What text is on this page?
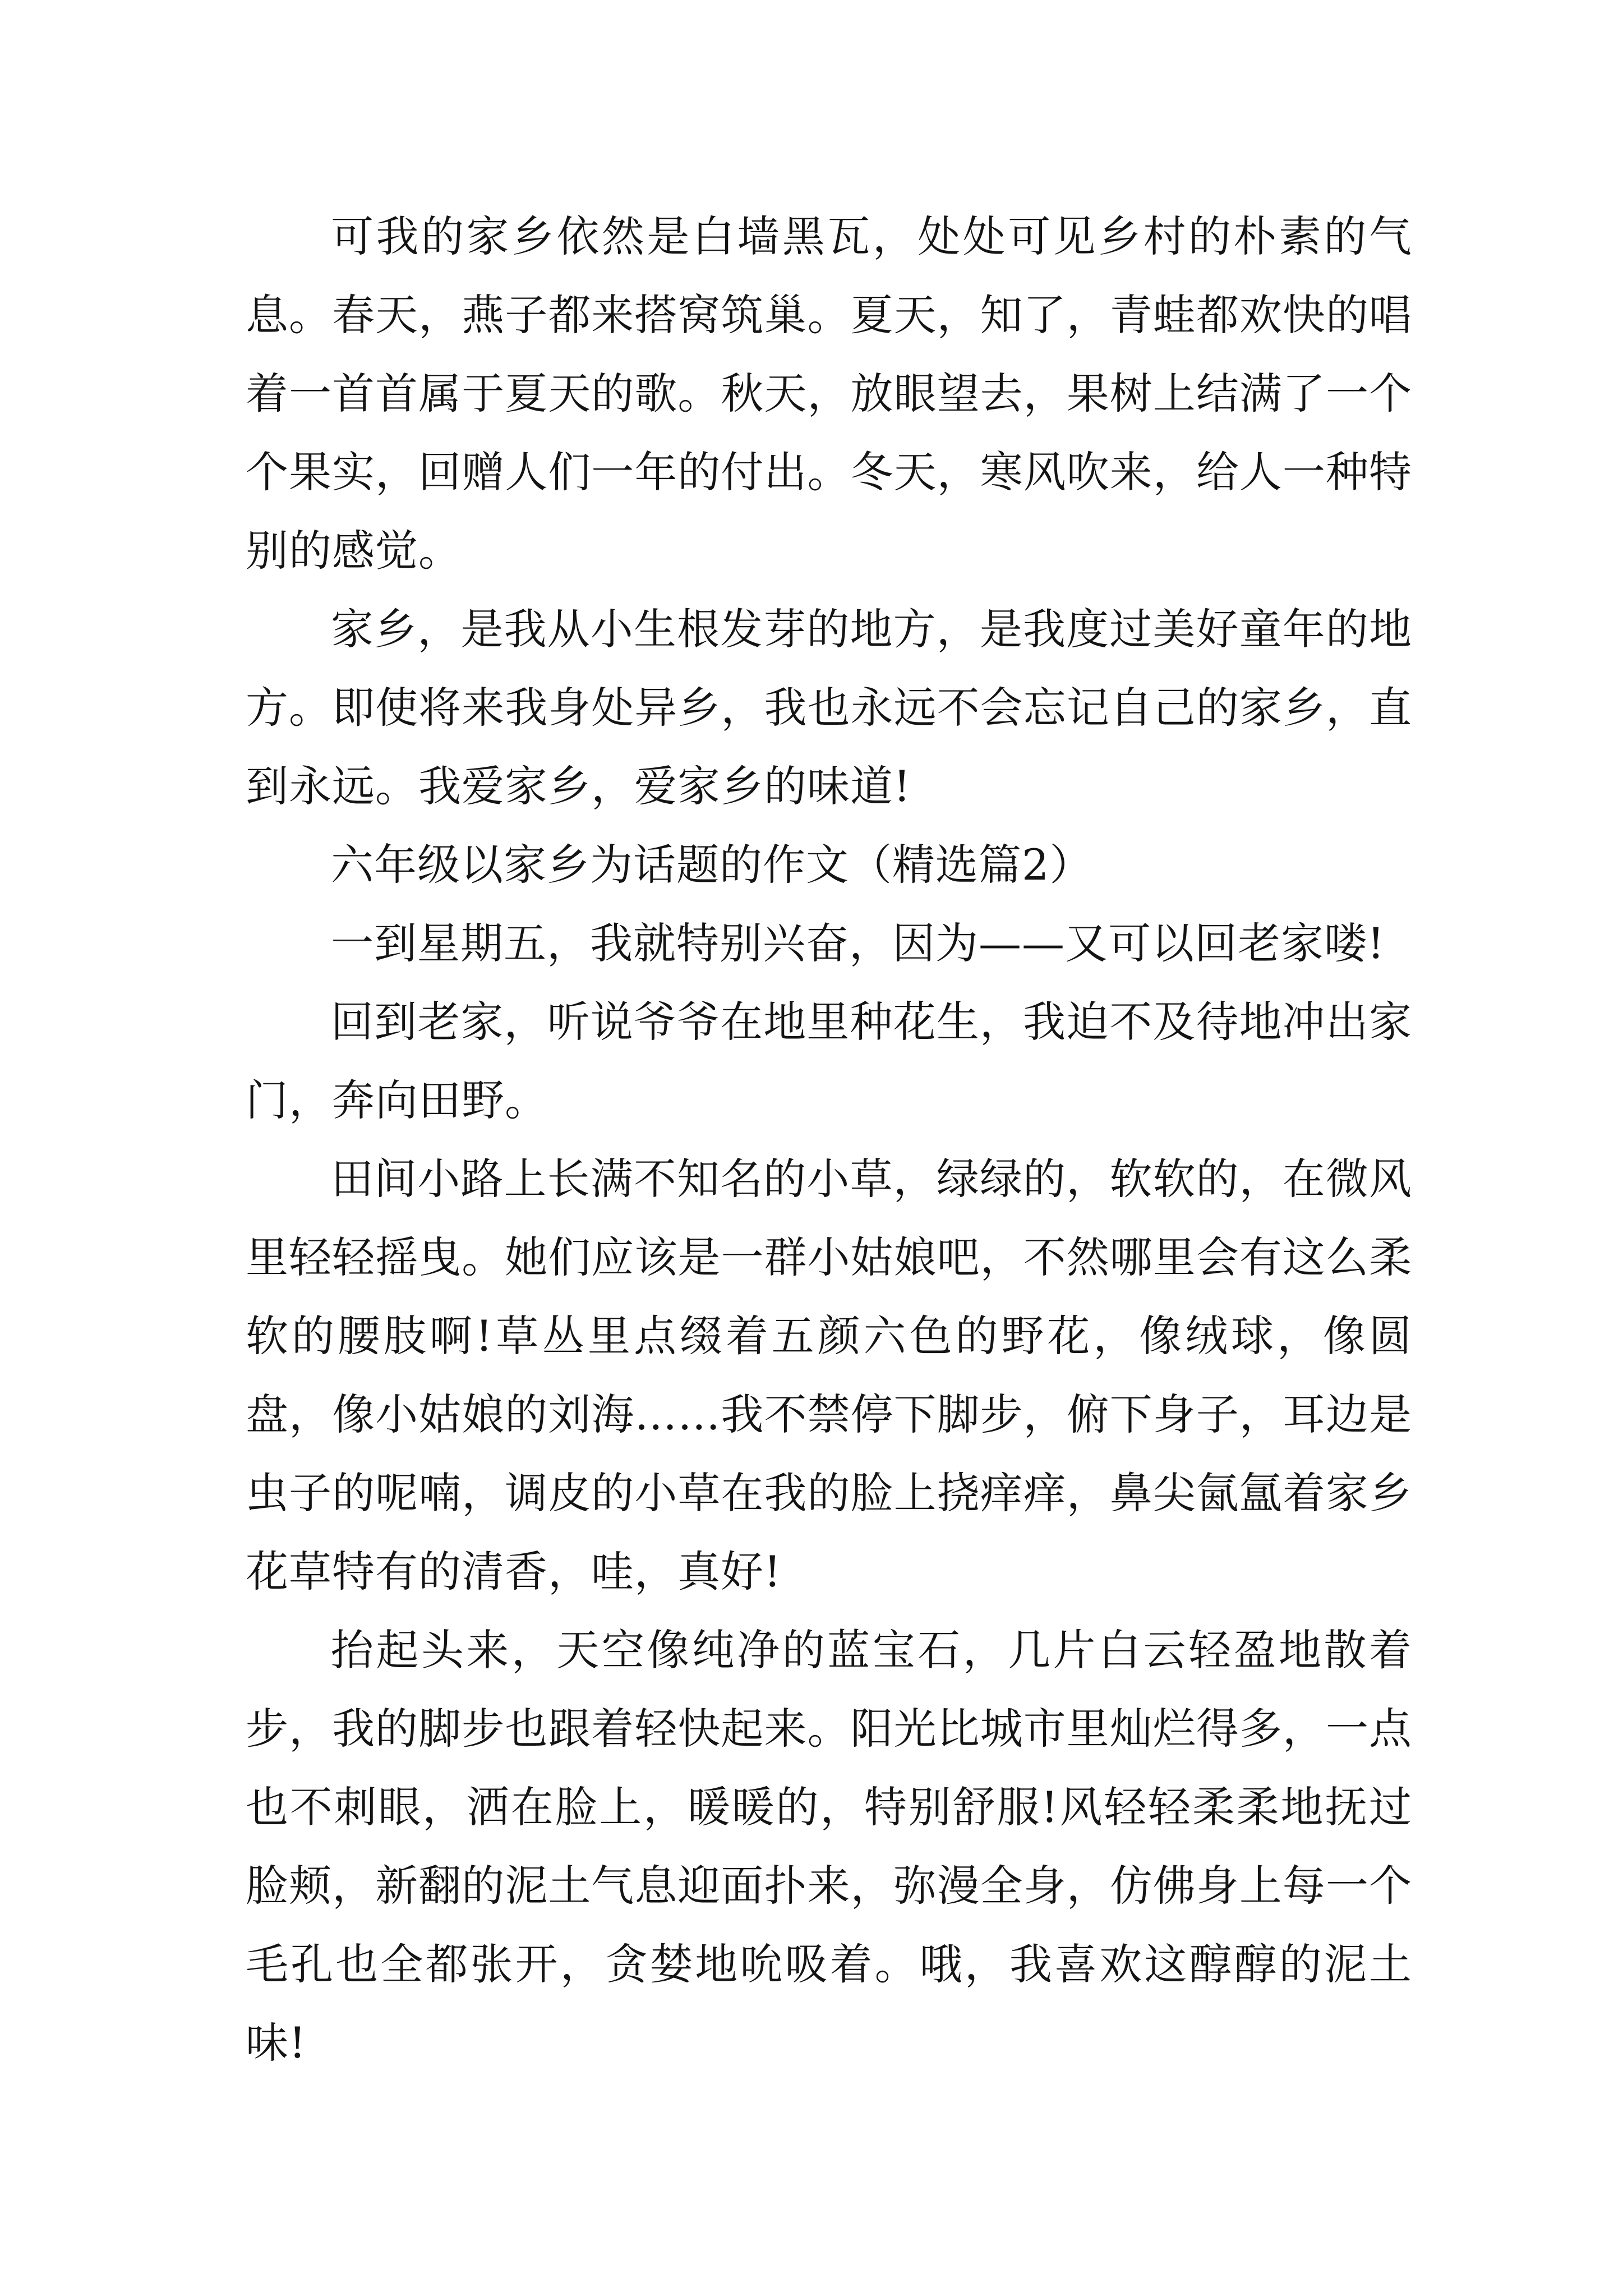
可我的家乡依然是白墙黑瓦，处处可见乡村的朴素的气息。春天，燕子都来搭窝筑巢。夏天，知了，青蛙都欢快的唱着一首首属于夏天的歌。秋天，放眼望去，果树上结满了一个个果实，回赠人们一年的付出。冬天，寒风吹来，给人一种特别的感觉。

家乡，是我从小生根发芽的地方，是我度过美好童年的地方。即使将来我身处异乡，我也永远不会忘记自己的家乡，直到永远。我爱家乡，爱家乡的味道!

六年级以家乡为话题的作文（精选篇2）

一到星期五，我就特别兴奋，因为——又可以回老家喽!

回到老家，听说爷爷在地里种花生，我迫不及待地冲出家门，奔向田野。

田间小路上长满不知名的小草，绿绿的，软软的，在微风里轻轻摇曳。她们应该是一群小姑娘吧，不然哪里会有这么柔软的腰肢啊!草丛里点缀着五颜六色的野花，像绒球，像圆盘，像小姑娘的刘海……我不禁停下脚步，俯下身子，耳边是虫子的呢喃，调皮的小草在我的脸上挠痒痒，鼻尖氤氲着家乡花草特有的清香，哇，真好!

抬起头来，天空像纯净的蓝宝石，几片白云轻盈地散着步，我的脚步也跟着轻快起来。阳光比城市里灿烂得多，一点也不刺眼，洒在脸上，暖暖的，特别舒服!风轻轻柔柔地抚过脸颊，新翻的泥土气息迎面扑来，弥漫全身，仿佛身上每一个毛孔也全都张开，贪婪地吮吸着。哦，我喜欢这醇醇的泥土味!
